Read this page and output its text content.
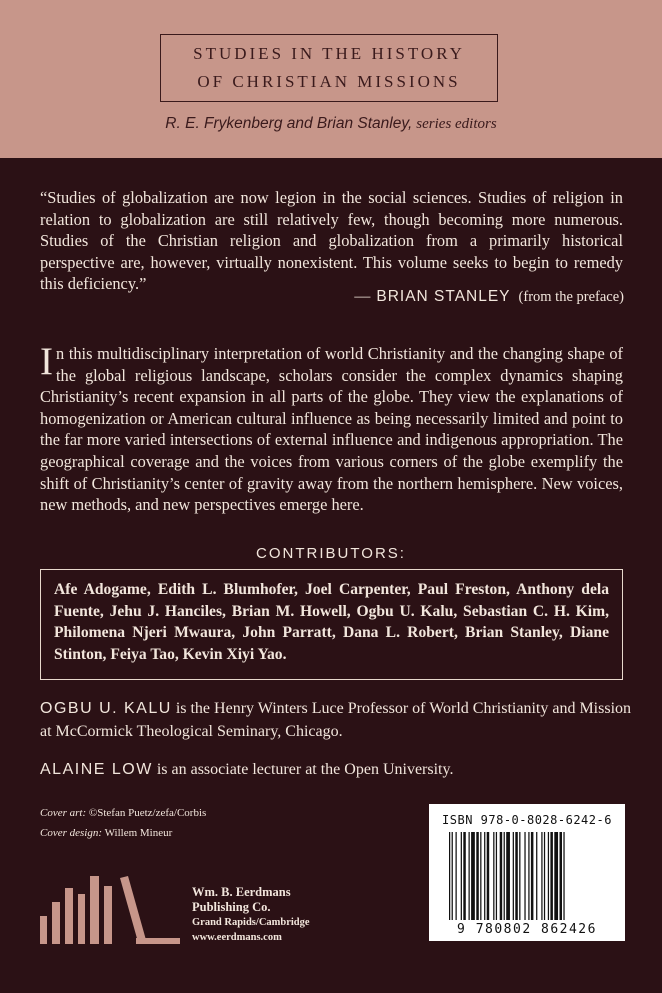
STUDIES IN THE HISTORY
OF CHRISTIAN MISSIONS
R. E. Frykenberg and Brian Stanley, series editors
“Studies of globalization are now legion in the social sciences. Studies of religion in relation to globalization are still relatively few, though becoming more numerous. Studies of the Christian religion and globalization from a primarily historical perspective are, however, virtually nonexistent. This volume seeks to begin to remedy this deficiency.”
— BRIAN STANLEY (from the preface)
In this multidisciplinary interpretation of world Christianity and the changing shape of the global religious landscape, scholars consider the complex dynamics shaping Christianity’s recent expansion in all parts of the globe. They view the explanations of homogenization or American cultural influence as being necessarily limited and point to the far more varied intersections of external influence and indigenous appropriation. The geographical coverage and the voices from various corners of the globe exemplify the shift of Christianity’s center of gravity away from the northern hemisphere. New voices, new methods, and new perspectives emerge here.
CONTRIBUTORS:
Afe Adogame, Edith L. Blumhofer, Joel Carpenter, Paul Freston, Anthony dela Fuente, Jehu J. Hanciles, Brian M. Howell, Ogbu U. Kalu, Sebastian C. H. Kim, Philomena Njeri Mwaura, John Parratt, Dana L. Robert, Brian Stanley, Diane Stinton, Feiya Tao, Kevin Xiyi Yao.
OGBU U. KALU is the Henry Winters Luce Professor of World Christianity and Mission at McCormick Theological Seminary, Chicago.
ALAINE LOW is an associate lecturer at the Open University.
Cover art: ©Stefan Puetz/zefa/Corbis
Cover design: Willem Mineur
Wm. B. Eerdmans
Publishing Co.
Grand Rapids/Cambridge
www.eerdmans.com
ISBN 978-0-8028-6242-6
9 780802 862426
